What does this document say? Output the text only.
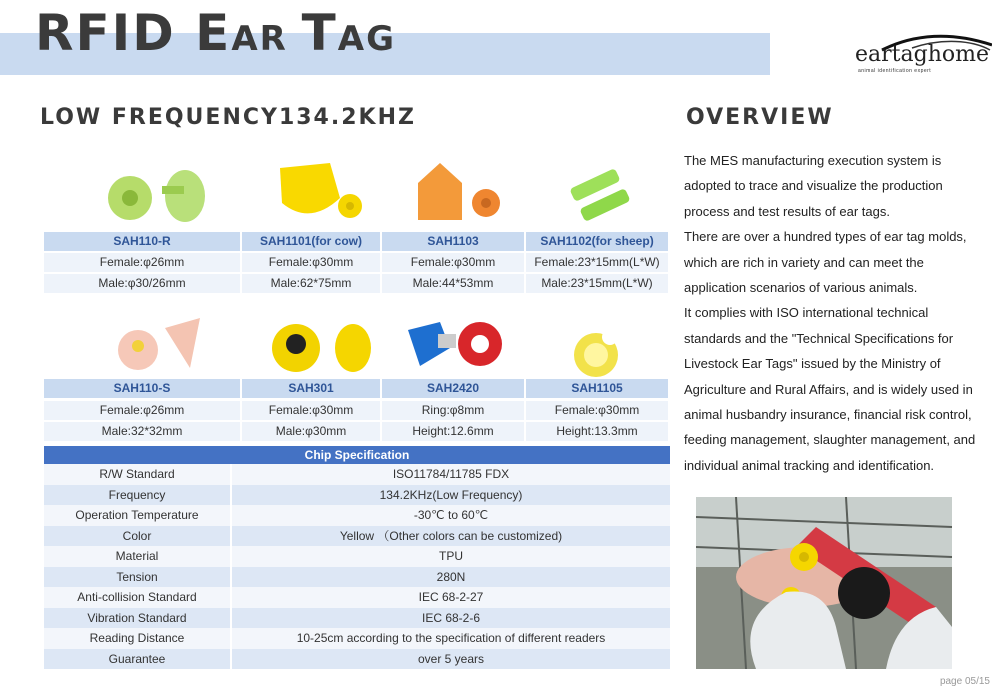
RFID EAR TAG	eartaghome
animal identification expert
LOW FREQUENCY134.2KHZ	OVERVIEW
SAH110-R	SAH1101(for cow)	SAH1103	SAH1102(for sheep)
Female:φ26mm	Female:φ30mm	Female:φ30mm	Female:23*15mm(L*W)
Male:φ30/26mm	Male:62*75mm	Male:44*53mm	Male:23*15mm(L*W)
SAH110-S	SAH301	SAH2420	SAH1105
Female:φ26mm	Female:φ30mm	Ring:φ8mm	Female:φ30mm
Male:32*32mm	Male:φ30mm	Height:12.6mm	Height:13.3mm
Chip Specification
R/W Standard	ISO11784/11785 FDX
Frequency	134.2KHz(Low Frequency)
Operation Temperature	-30℃ to 60℃
Color	Yellow （Other colors can be customized)
Material	TPU
Tension	280N
Anti-collision Standard	IEC 68-2-27
Vibration Standard	IEC 68-2-6
Reading Distance	10-25cm according to the specification of different readers
Guarantee	over 5 years

The MES manufacturing execution system is adopted to trace and visualize the production process and test results of ear tags.

There are over a hundred types of ear tag molds, which are rich in variety and can meet the application scenarios of various animals.

It complies with ISO international technical standards and the "Technical Specifications for Livestock Ear Tags" issued by the Ministry of Agriculture and Rural Affairs, and is widely used in animal husbandry insurance, financial risk control, feeding management, slaughter management, and individual animal tracking and identification.

page 05/15
